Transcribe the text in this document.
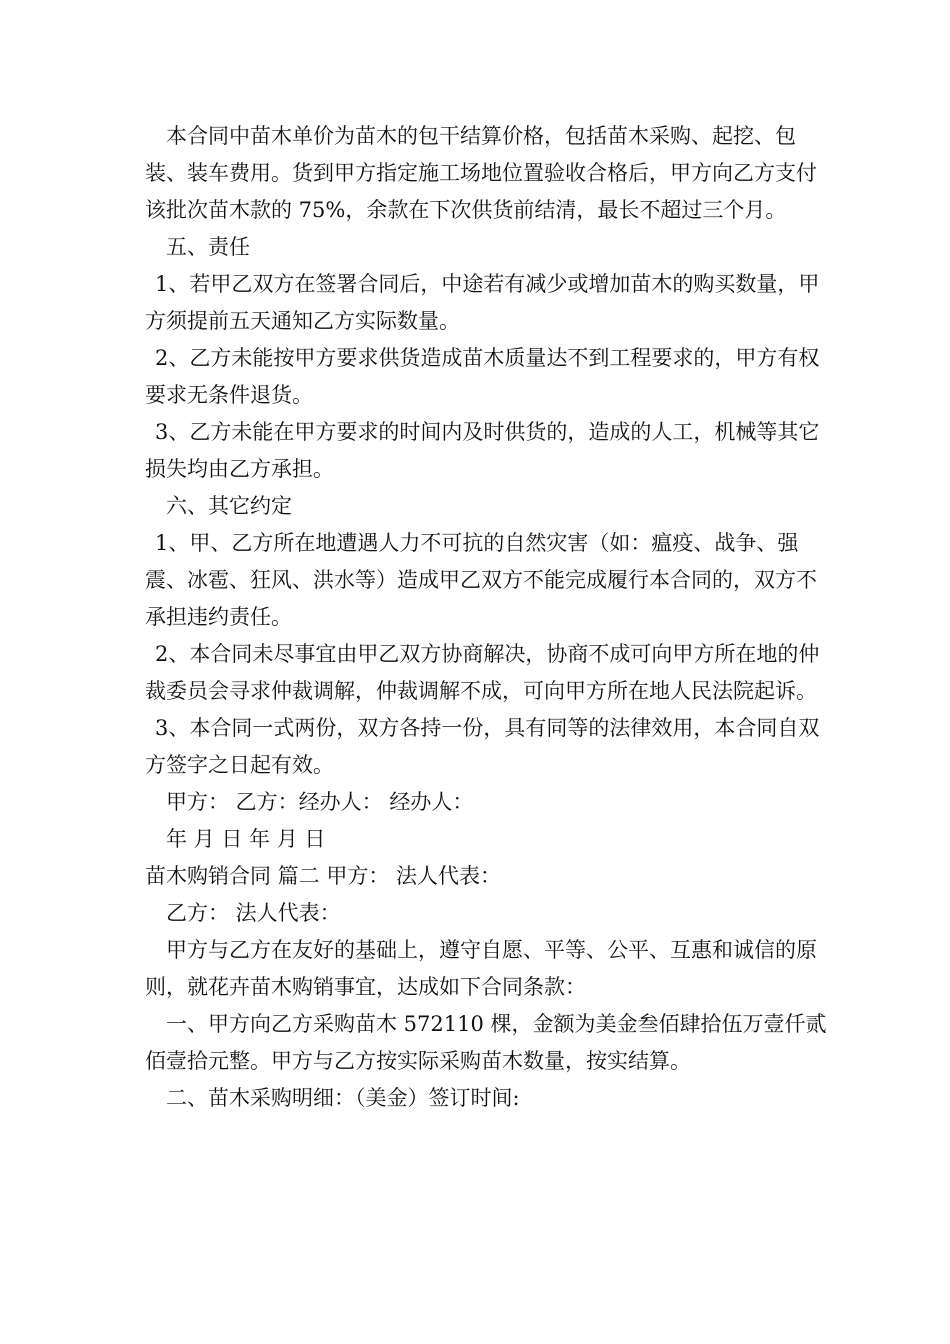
本合同中苗木单价为苗木的包干结算价格，包括苗木采购、起挖、包装、装车费用。货到甲方指定施工场地位置验收合格后，甲方向乙方支付该批次苗木款的 75%，余款在下次供货前结清，最长不超过三个月。

五、责任

1、若甲乙双方在签署合同后，中途若有减少或增加苗木的购买数量，甲方须提前五天通知乙方实际数量。

2、乙方未能按甲方要求供货造成苗木质量达不到工程要求的，甲方有权要求无条件退货。

3、乙方未能在甲方要求的时间内及时供货的，造成的人工，机械等其它损失均由乙方承担。

六、其它约定

1、甲、乙方所在地遭遇人力不可抗的自然灾害（如：瘟疫、战争、强震、冰雹、狂风、洪水等）造成甲乙双方不能完成履行本合同的，双方不承担违约责任。

2、本合同未尽事宜由甲乙双方协商解决，协商不成可向甲方所在地的仲裁委员会寻求仲裁调解，仲裁调解不成，可向甲方所在地人民法院起诉。

3、本合同一式两份，双方各持一份，具有同等的法律效用，本合同自双方签字之日起有效。

甲方： 乙方：经办人： 经办人：

年 月 日 年 月 日

苗木购销合同 篇二 甲方： 法人代表：

乙方： 法人代表：

甲方与乙方在友好的基础上，遵守自愿、平等、公平、互惠和诚信的原则，就花卉苗木购销事宜，达成如下合同条款：

一、甲方向乙方采购苗木 572110 棵，金额为美金叁佰肆拾伍万壹仟贰佰壹拾元整。甲方与乙方按实际采购苗木数量，按实结算。

二、苗木采购明细：（美金）签订时间:
